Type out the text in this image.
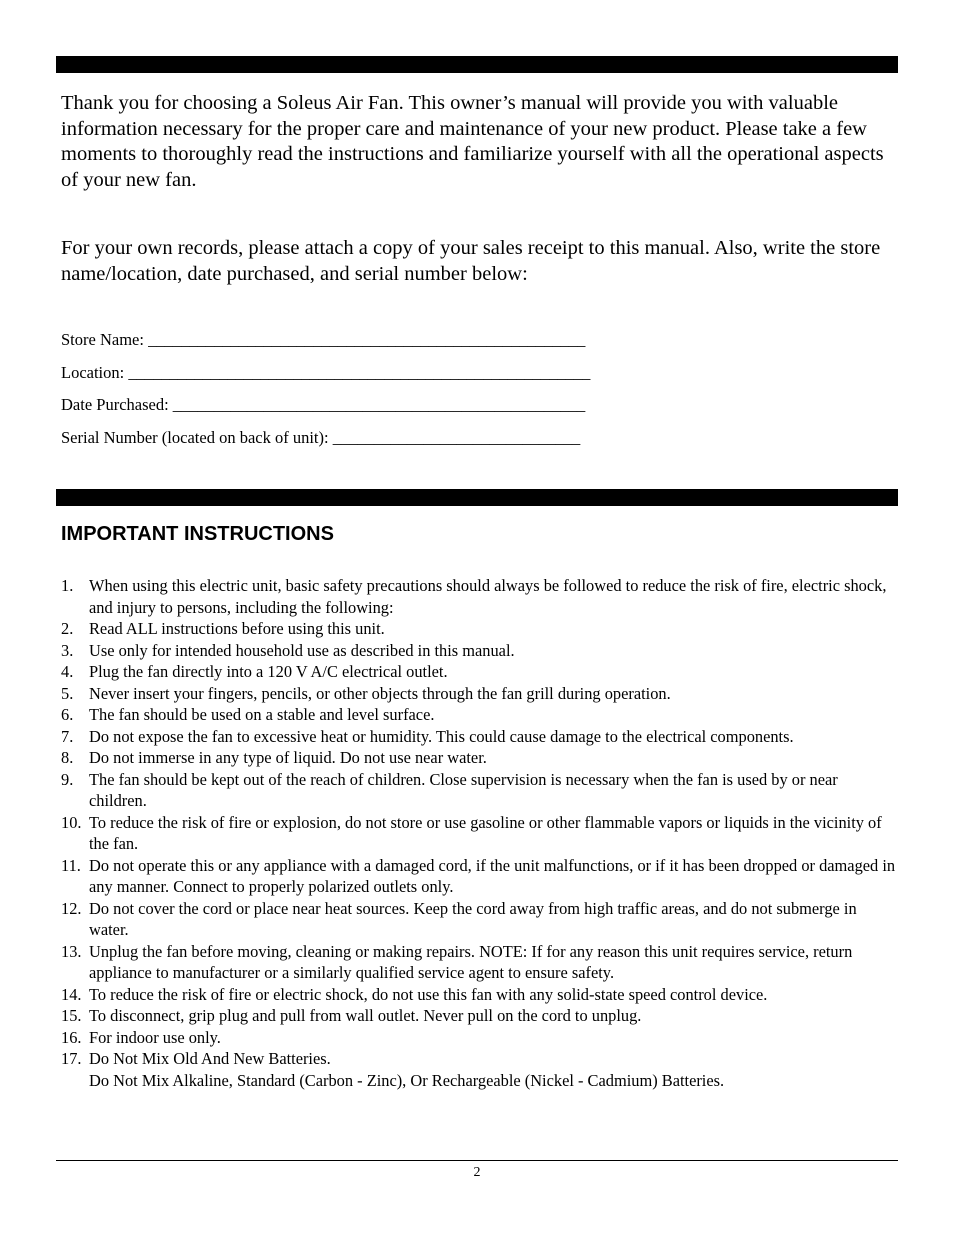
Thank you for choosing a Soleus Air Fan. This owner’s manual will provide you with valuable information necessary for the proper care and maintenance of your new product. Please take a few moments to thoroughly read the instructions and familiarize yourself with all the operational aspects of your new fan.

For your own records, please attach a copy of your sales receipt to this manual. Also, write the store name/location, date purchased, and serial number below:

Store Name: _____________________________________________________
Location: ________________________________________________________
Date Purchased: __________________________________________________
Serial Number (located on back of unit): ______________________________
IMPORTANT INSTRUCTIONS
1. When using this electric unit, basic safety precautions should always be followed to reduce the risk of fire, electric shock, and injury to persons, including the following:
2. Read ALL instructions before using this unit.
3. Use only for intended household use as described in this manual.
4. Plug the fan directly into a 120 V A/C electrical outlet.
5. Never insert your fingers, pencils, or other objects through the fan grill during operation.
6. The fan should be used on a stable and level surface.
7. Do not expose the fan to excessive heat or humidity. This could cause damage to the electrical components.
8. Do not immerse in any type of liquid. Do not use near water.
9. The fan should be kept out of the reach of children. Close supervision is necessary when the fan is used by or near children.
10. To reduce the risk of fire or explosion, do not store or use gasoline or other flammable vapors or liquids in the vicinity of the fan.
11. Do not operate this or any appliance with a damaged cord, if the unit malfunctions, or if it has been dropped or damaged in any manner. Connect to properly polarized outlets only.
12. Do not cover the cord or place near heat sources. Keep the cord away from high traffic areas, and do not submerge in water.
13. Unplug the fan before moving, cleaning or making repairs. NOTE: If for any reason this unit requires service, return appliance to manufacturer or a similarly qualified service agent to ensure safety.
14. To reduce the risk of fire or electric shock, do not use this fan with any solid-state speed control device.
15. To disconnect, grip plug and pull from wall outlet. Never pull on the cord to unplug.
16. For indoor use only.
17. Do Not Mix Old And New Batteries.
Do Not Mix Alkaline, Standard (Carbon - Zinc), Or Rechargeable (Nickel - Cadmium) Batteries.
2
